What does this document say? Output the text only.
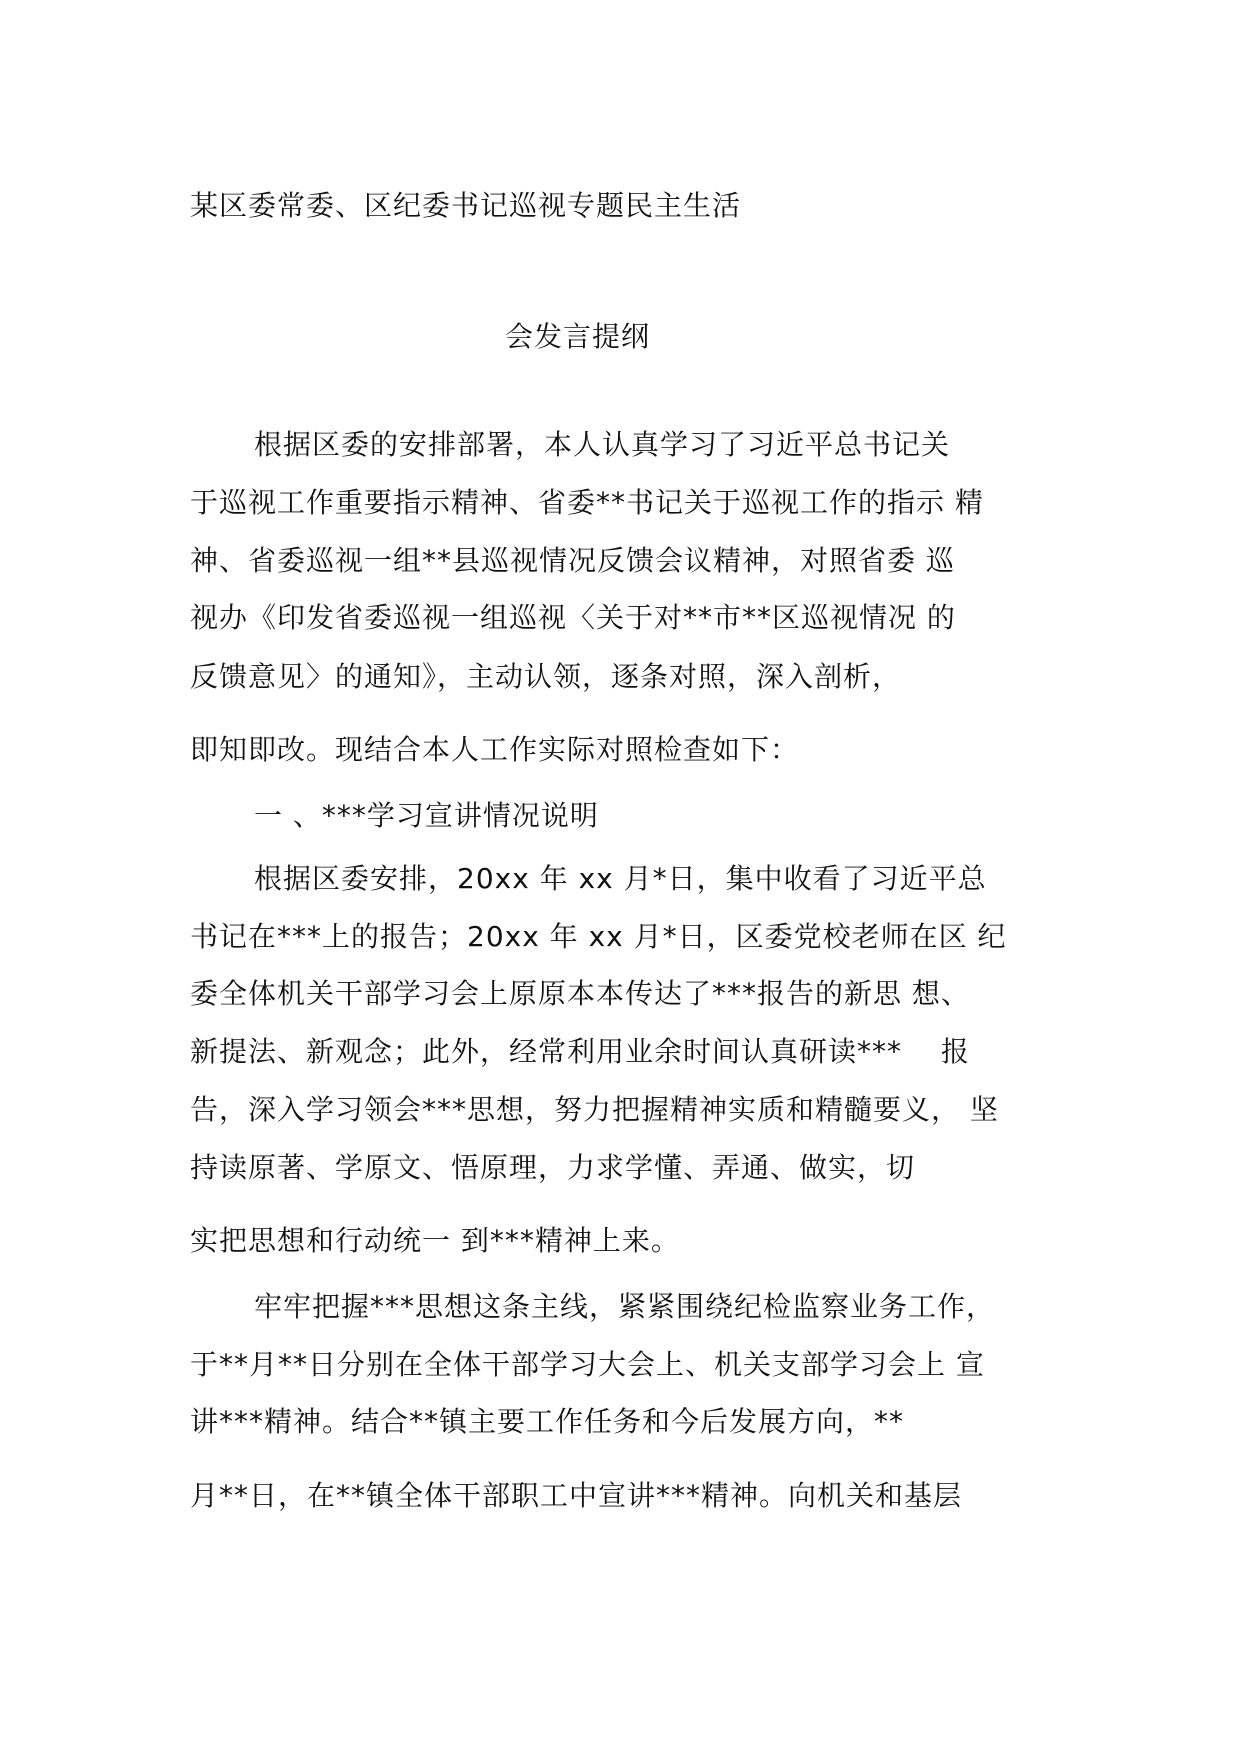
某区委常委、区纪委书记巡视专题民主生活
会发言提纲
根据区委的安排部署，本人认真学习了习近平总书记关
于巡视工作重要指示精神、省委**书记关于巡视工作的指示 精
神、省委巡视一组**县巡视情况反馈会议精神，对照省委 巡
视办《印发省委巡视一组巡视〈关于对**市**区巡视情况 的
反馈意见〉的通知》，主动认领，逐条对照，深入剖析，
即知即改。现结合本人工作实际对照检查如下：
一 、***学习宣讲情况说明
根据区委安排，20xx 年 xx 月*日，集中收看了习近平总
书记在***上的报告；20xx 年 xx 月*日，区委党校老师在区 纪
委全体机关干部学习会上原原本本传达了***报告的新思 想、
新提法、新观念；此外，经常利用业余时间认真研读***　 报
告，深入学习领会***思想，努力把握精神实质和精髓要义， 坚
持读原著、学原文、悟原理，力求学懂、弄通、做实，切
实把思想和行动统一 到***精神上来。
牢牢把握***思想这条主线，紧紧围绕纪检监察业务工作，
于**月**日分别在全体干部学习大会上、机关支部学习会上 宣
讲***精神。结合**镇主要工作任务和今后发展方向，**
月**日，在**镇全体干部职工中宣讲***精神。向机关和基层
